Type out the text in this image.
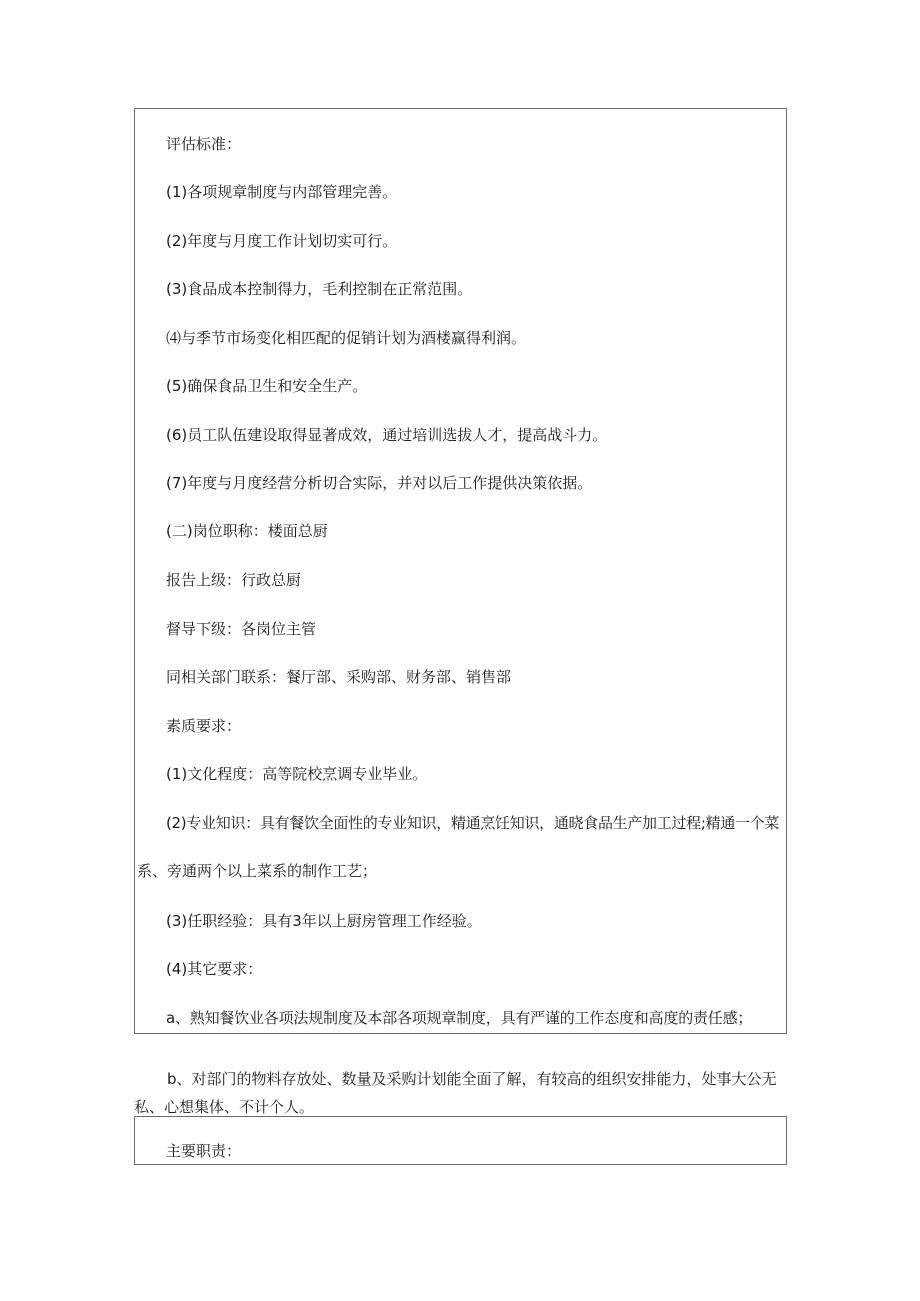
评估标准：
(1)各项规章制度与内部管理完善。
(2)年度与月度工作计划切实可行。
(3)食品成本控制得力，毛利控制在正常范围。
⑷与季节市场变化相匹配的促销计划为酒楼赢得利润。
(5)确保食品卫生和安全生产。
(6)员工队伍建设取得显著成效，通过培训选拔人才，提高战斗力。
(7)年度与月度经营分析切合实际，并对以后工作提供决策依据。
(二)岗位职称：楼面总厨
报告上级：行政总厨
督导下级：各岗位主管
同相关部门联系：餐厅部、采购部、财务部、销售部
素质要求：
(1)文化程度：高等院校烹调专业毕业。
(2)专业知识：具有餐饮全面性的专业知识，精通烹饪知识，通晓食品生产加工过程;精通一个菜
系、旁通两个以上菜系的制作工艺；
(3)任职经验：具有3年以上厨房管理工作经验。
(4)其它要求：
a、熟知餐饮业各项法规制度及本部各项规章制度，具有严谨的工作态度和高度的责任感；
b、对部门的物料存放处、数量及采购计划能全面了解，有较高的组织安排能力，处事大公无私、心想集体、不计个人。
主要职责：
